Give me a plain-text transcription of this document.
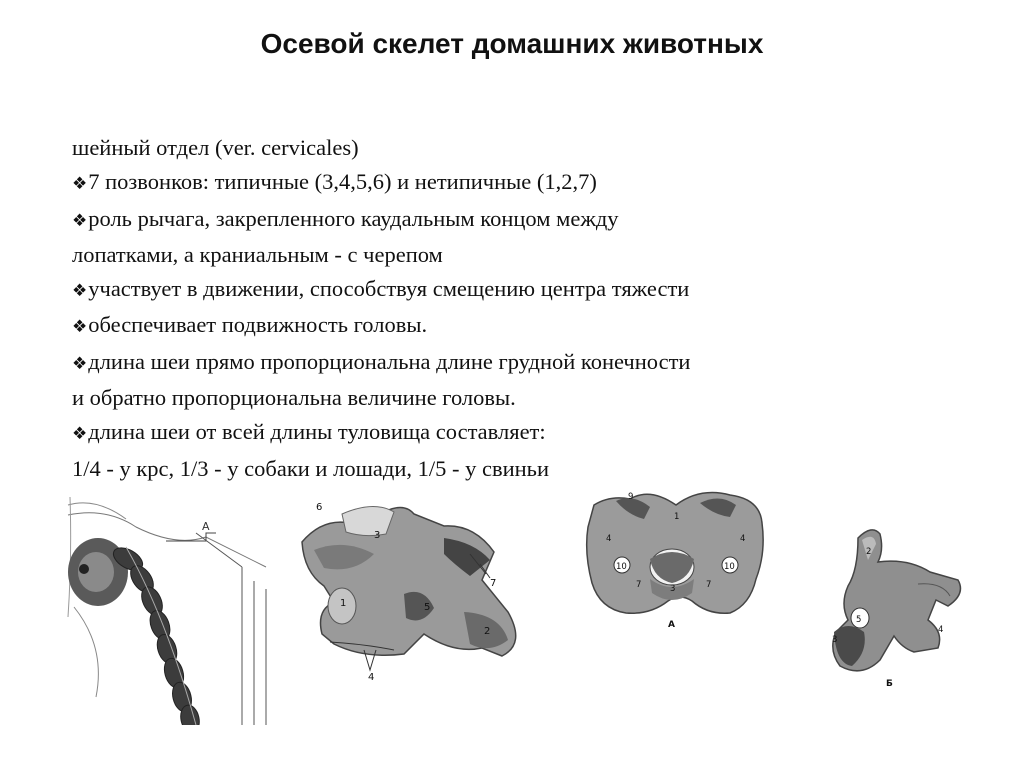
Осевой скелет домашних животных
шейный отдел (ver. cervicales)
❖7 позвонков: типичные (3,4,5,6) и нетипичные (1,2,7)
❖роль рычага, закрепленного каудальным концом между
лопатками, а краниальным - с черепом
❖участвует в движении, способствуя смещению центра тяжести
❖обеспечивает подвижность головы.
❖длина шеи прямо пропорциональна длине грудной конечности
и обратно пропорциональна величине головы.
❖длина шеи от всей длины туловища составляет:
1/4 - у крс, 1/3 - у собаки и лошади, 1/5 - у свиньи
А
6
3
7
1	5
2
4
9
1
4	4
10	10
7	3	7
А
2
5
3
4
Б
